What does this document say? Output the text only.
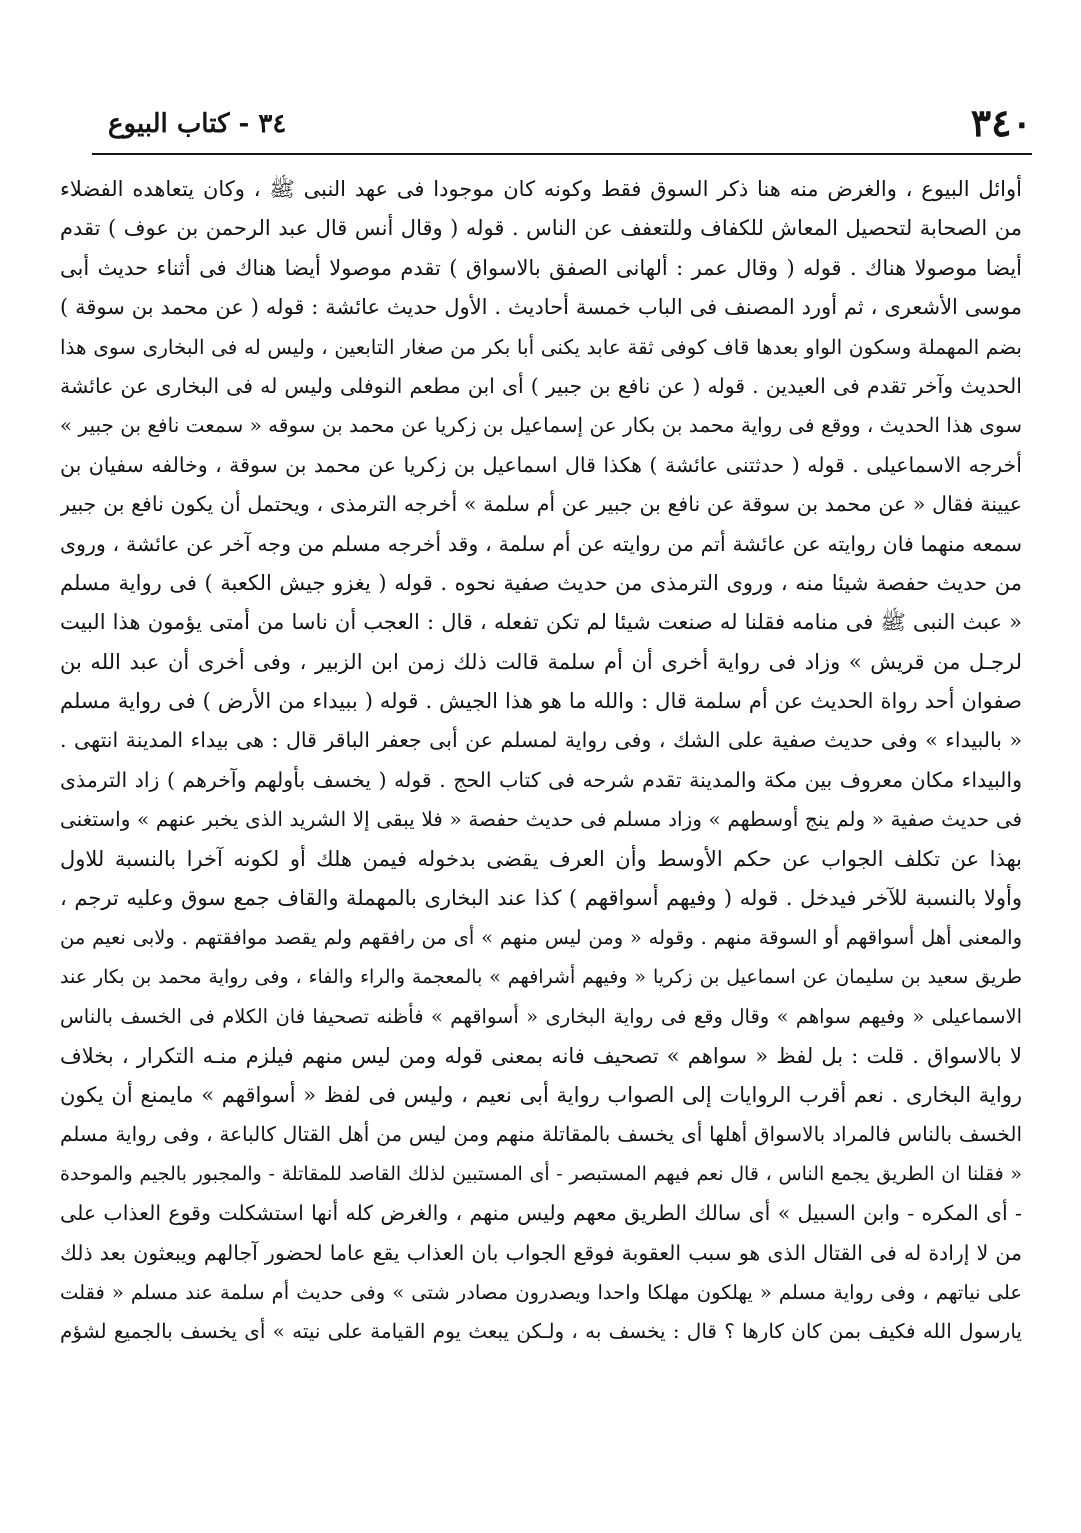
٣٤٠
٣٤ - كتاب البيوع
أوائل البيوع ، والغرض منه هنا ذكر السوق فقط وكونه كان موجودا فى عهد النبى ﷺ ، وكان يتعاهده الفضلاء
من الصحابة لتحصيل المعاش للكفاف وللتعفف عن الناس . قوله ( وقال أنس قال عبد الرحمن بن عوف ) تقدم
أيضا موصولا هناك . قوله ( وقال عمر : ألهانى الصفق بالاسواق ) تقدم موصولا أيضا هناك فى أثناء حديث أبى
موسى الأشعرى ، ثم أورد المصنف فى الباب خمسة أحاديث . الأول حديث عائشة : قوله ( عن محمد بن سوقة )
بضم المهملة وسكون الواو بعدها قاف كوفى ثقة عابد يكنى أبا بكر من صغار التابعين ، وليس له فى البخارى سوى هذا
الحديث وآخر تقدم فى العيدين . قوله ( عن نافع بن جبير ) أى ابن مطعم النوفلى وليس له فى البخارى عن عائشة
سوى هذا الحديث ، ووقع فى رواية محمد بن بكار عن إسماعيل بن زكريا عن محمد بن سوقه « سمعت نافع بن جبير »
أخرجه الاسماعيلى . قوله ( حدثتنى عائشة ) هكذا قال اسماعيل بن زكريا عن محمد بن سوقة ، وخالفه سفيان بن
عيينة فقال « عن محمد بن سوقة عن نافع بن جبير عن أم سلمة » أخرجه الترمذى ، ويحتمل أن يكون نافع بن جبير
سمعه منهما فان روايته عن عائشة أتم من روايته عن أم سلمة ، وقد أخرجه مسلم من وجه آخر عن عائشة ، وروى
من حديث حفصة شيئا منه ، وروى الترمذى من حديث صفية نحوه . قوله ( يغزو جيش الكعبة ) فى رواية مسلم
« عبث النبى ﷺ فى منامه فقلنا له صنعت شيئا لم تكن تفعله ، قال : العجب أن ناسا من أمتى يؤمون هذا البيت
لرجـل من قريش » وزاد فى رواية أخرى أن أم سلمة قالت ذلك زمن ابن الزبير ، وفى أخرى أن عبد الله بن
صفوان أحد رواة الحديث عن أم سلمة قال : والله ما هو هذا الجيش . قوله ( ببيداء من الأرض ) فى رواية مسلم
« بالبيداء » وفى حديث صفية على الشك ، وفى رواية لمسلم عن أبى جعفر الباقر قال : هى بيداء المدينة انتهى .
والبيداء مكان معروف بين مكة والمدينة تقدم شرحه فى كتاب الحج . قوله ( يخسف بأولهم وآخرهم ) زاد الترمذى
فى حديث صفية « ولم ينج أوسطهم » وزاد مسلم فى حديث حفصة « فلا يبقى إلا الشريد الذى يخبر عنهم » واستغنى
بهذا عن تكلف الجواب عن حكم الأوسط وأن العرف يقضى بدخوله فيمن هلك أو لكونه آخرا بالنسبة للاول
وأولا بالنسبة للآخر فيدخل . قوله ( وفيهم أسواقهم ) كذا عند البخارى بالمهملة والقاف جمع سوق وعليه ترجم ،
والمعنى أهل أسواقهم أو السوقة منهم . وقوله « ومن ليس منهم » أى من رافقهم ولم يقصد موافقتهم . ولابى نعيم من
طريق سعيد بن سليمان عن اسماعيل بن زكريا « وفيهم أشرافهم » بالمعجمة والراء والفاء ، وفى رواية محمد بن بكار عند
الاسماعيلى « وفيهم سواهم » وقال وقع فى رواية البخارى « أسواقهم » فأظنه تصحيفا فان الكلام فى الخسف بالناس
لا بالاسواق . قلت : بل لفظ « سواهم » تصحيف فانه بمعنى قوله ومن ليس منهم فيلزم منـه التكرار ، بخلاف
رواية البخارى . نعم أقرب الروايات إلى الصواب رواية أبى نعيم ، وليس فى لفظ « أسواقهم » مايمنع أن يكون
الخسف بالناس فالمراد بالاسواق أهلها أى يخسف بالمقاتلة منهم ومن ليس من أهل القتال كالباعة ، وفى رواية مسلم
« فقلنا ان الطريق يجمع الناس ، قال نعم فيهم المستبصر - أى المستبين لذلك القاصد للمقاتلة - والمجبور بالجيم والموحدة
- أى المكره - وابن السبيل » أى سالك الطريق معهم وليس منهم ، والغرض كله أنها استشكلت وقوع العذاب على
من لا إرادة له فى القتال الذى هو سبب العقوبة فوقع الجواب بان العذاب يقع عاما لحضور آجالهم ويبعثون بعد ذلك
على نياتهم ، وفى رواية مسلم « يهلكون مهلكا واحدا ويصدرون مصادر شتى » وفى حديث أم سلمة عند مسلم « فقلت
يارسول الله فكيف بمن كان كارها ؟ قال : يخسف به ، ولـكن يبعث يوم القيامة على نيته » أى يخسف بالجميع لشؤم
